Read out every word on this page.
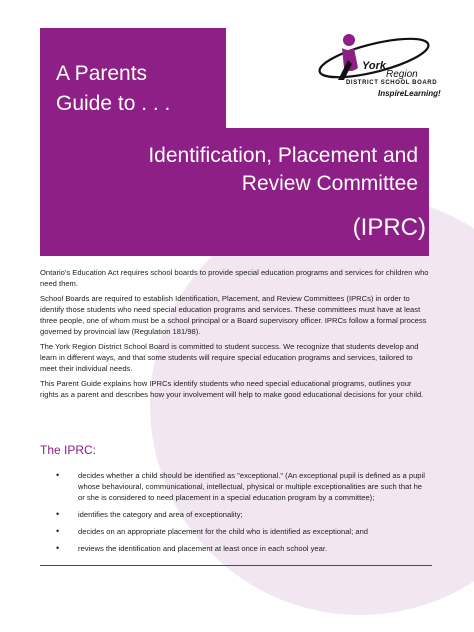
A Parents
Guide to . . .
Identification, Placement and
Review Committee
(IPRC)
York
Region
DISTRICT SCHOOL BOARD
InspireLearning!

Ontario's Education Act requires school boards to provide special education programs and services for children who need them.

School Boards are required to establish Identification, Placement, and Review Committees (IPRCs) in order to identify those students who need special education programs and services. These committees must have at least three people, one of whom must be a school principal or a Board supervisory officer. IPRCs follow a formal process governed by provincial law (Regulation 181/98).

The York Region District School Board is committed to student success. We recognize that students develop and learn in different ways, and that some students will require special education programs and services, tailored to meet their individual needs.

This Parent Guide explains how IPRCs identify students who need special educational programs, outlines your rights as a parent and describes how your involvement will help to make good educational decisions for your child.

The IPRC:
• decides whether a child should be identified as "exceptional." (An exceptional pupil is defined as a pupil whose behavioural, communicational, intellectual, physical or multiple exceptionalities are such that he or she is considered to need placement in a special education program by a committee);
• identifies the category and area of exceptionality;
• decides on an appropriate placement for the child who is identified as exceptional; and
• reviews the identification and placement at least once in each school year.
